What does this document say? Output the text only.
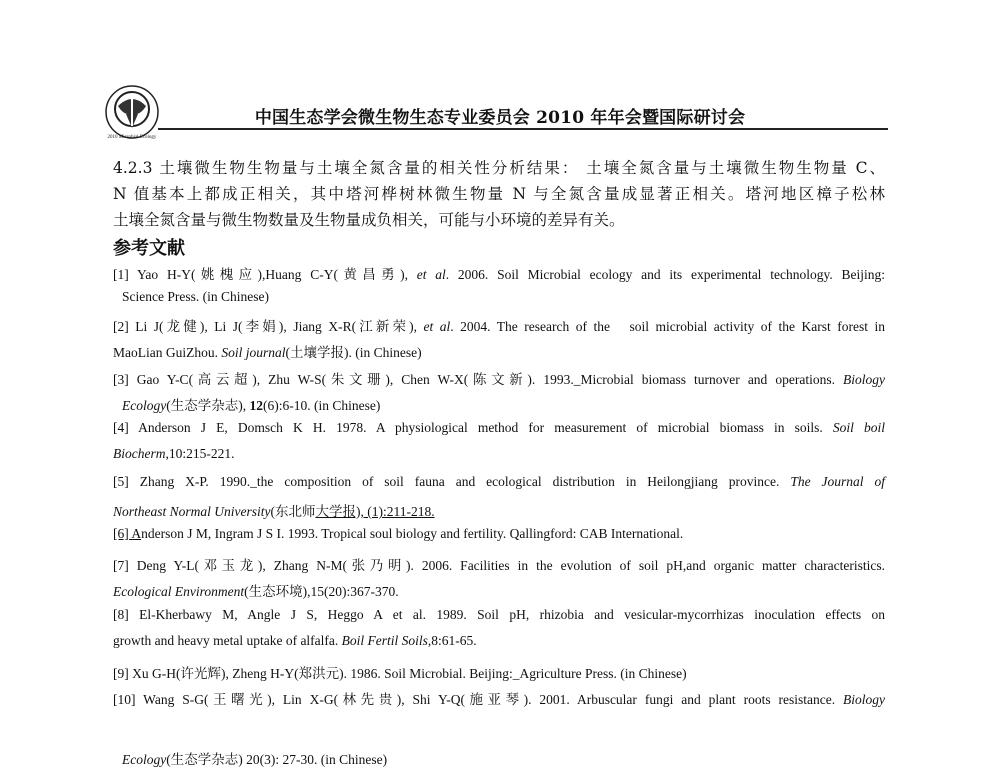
2010 Microbial Ecology
中国生态学会微生物生态专业委员会 2010 年年会暨国际研讨会
4.2.3 土壤微生物生物量与土壤全氮含量的相关性分析结果： 土壤全氮含量与土壤微生物生物量 C、
N 值基本上都成正相关，其中塔河桦树林微生物量 N 与全氮含量成显著正相关。塔河地区樟子松林
土壤全氮含量与微生物数量及生物量成负相关，可能与小环境的差异有关。
参考文献
[1] Yao H-Y(姚槐应),Huang C-Y(黄昌勇), et al. 2006. Soil Microbial ecology and its experimental technology. Beijing:
Science Press. (in Chinese)
[2] Li J(龙健), Li J(李娟), Jiang X-R(江新荣), et al. 2004. The research of the   soil microbial activity of the Karst forest in
MaoLian GuiZhou. Soil journal(土壤学报). (in Chinese)
[3] Gao Y-C(高云超), Zhu W-S(朱文珊), Chen W-X(陈文新). 1993._Microbial biomass turnover and operations. Biology
Ecology(生态学杂志), 12(6):6-10. (in Chinese)
[4] Anderson J E, Domsch K H. 1978. A physiological method for measurement of microbial biomass in soils. Soil boil
Biocherm,10:215-221.
[5] Zhang X-P. 1990._the composition of soil fauna and ecological distribution in Heilongjiang province. The Journal of
Northeast Normal University(东北师大学报), (1):211-218.
[6] Anderson J M, Ingram J S I. 1993. Tropical soul biology and fertility. Qallingford: CAB International.
[7] Deng Y-L(邓玉龙), Zhang N-M(张乃明). 2006. Facilities in the evolution of soil pH,and organic matter characteristics.
Ecological Environment(生态环境),15(20):367-370.
[8] El-Kherbawy M, Angle J S, Heggo A et al. 1989. Soil pH, rhizobia and vesicular-mycorrhizas inoculation effects on
growth and heavy metal uptake of alfalfa. Boil Fertil Soils,8:61-65.
[9] Xu G-H(许光辉), Zheng H-Y(郑洪元). 1986. Soil Microbial. Beijing:_Agriculture Press. (in Chinese)
[10] Wang S-G(王曙光), Lin X-G(林先贵), Shi Y-Q(施亚琴). 2001. Arbuscular fungi and plant roots resistance. Biology
Ecology(生态学杂志) 20(3): 27-30. (in Chinese)
